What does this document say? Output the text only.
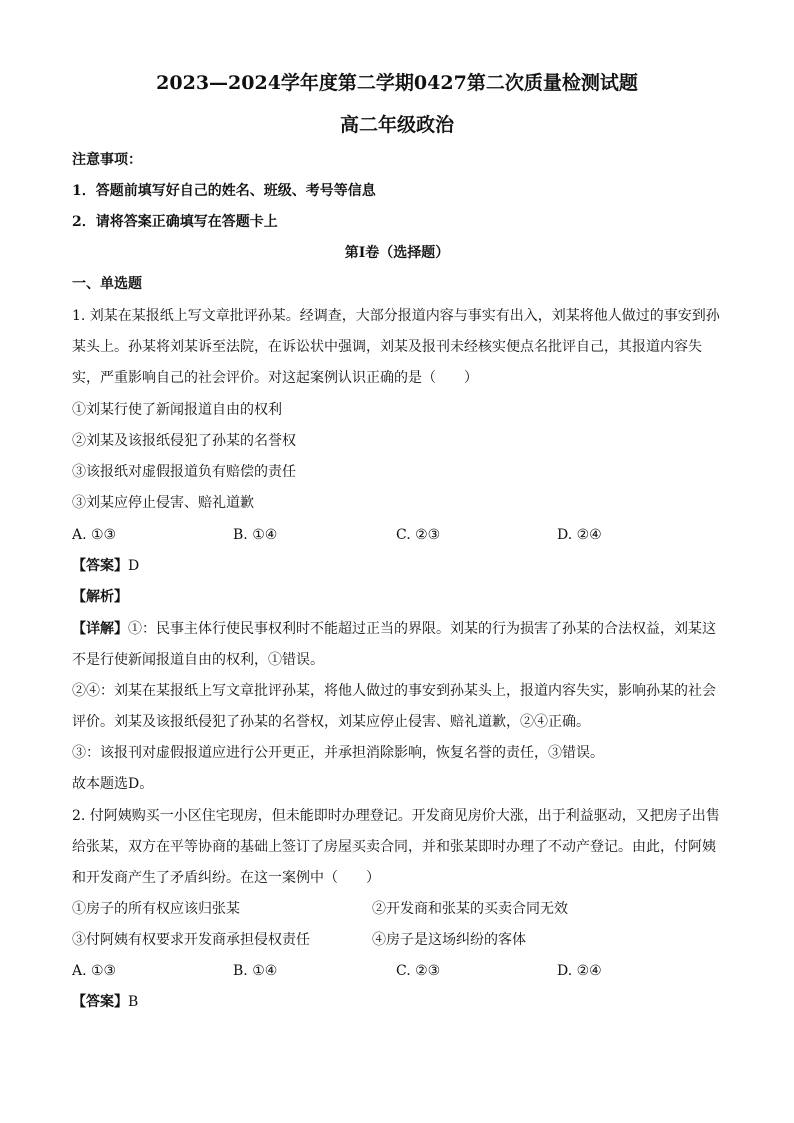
2023—2024学年度第二学期0427第二次质量检测试题
高二年级政治
注意事项：
1．答题前填写好自己的姓名、班级、考号等信息
2．请将答案正确填写在答题卡上
第I卷（选择题）
一、单选题
1. 刘某在某报纸上写文章批评孙某。经调查，大部分报道内容与事实有出入，刘某将他人做过的事安到孙
某头上。孙某将刘某诉至法院，在诉讼状中强调，刘某及报刊未经核实便点名批评自己，其报道内容失
实，严重影响自己的社会评价。对这起案例认识正确的是（　　）
①刘某行使了新闻报道自由的权利
②刘某及该报纸侵犯了孙某的名誉权
③该报纸对虚假报道负有赔偿的责任
③刘某应停止侵害、赔礼道歉
A. ①③	B. ①④	C. ②③	D. ②④
【答案】D
【解析】
【详解】①：民事主体行使民事权利时不能超过正当的界限。刘某的行为损害了孙某的合法权益，刘某这
不是行使新闻报道自由的权利，①错误。
②④：刘某在某报纸上写文章批评孙某，将他人做过的事安到孙某头上，报道内容失实，影响孙某的社会
评价。刘某及该报纸侵犯了孙某的名誉权，刘某应停止侵害、赔礼道歉，②④正确。
③：该报刊对虚假报道应进行公开更正，并承担消除影响，恢复名誉的责任，③错误。
故本题选D。
2. 付阿姨购买一小区住宅现房，但未能即时办理登记。开发商见房价大涨，出于利益驱动，又把房子出售
给张某，双方在平等协商的基础上签订了房屋买卖合同，并和张某即时办理了不动产登记。由此，付阿姨
和开发商产生了矛盾纠纷。在这一案例中（　　）
①房子的所有权应该归张某	②开发商和张某的买卖合同无效
③付阿姨有权要求开发商承担侵权责任	④房子是这场纠纷的客体
A. ①③	B. ①④	C. ②③	D. ②④
【答案】B
